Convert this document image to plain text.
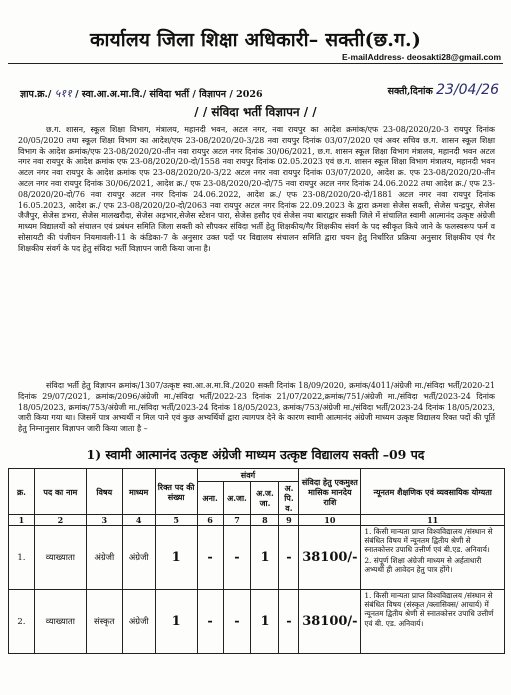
कार्यालय जिला शिक्षा अधिकारी– सक्ती(छ.ग.)
E-mailAddress- deosakti28@gmail.com
ज्ञाप.क्र./ ५११ / स्वा.आ.अ.मा.वि./ संविदा भर्ती / विज्ञापन / 2026	सक्ती,दिनांक 23/04/26
/ / संविदा भर्ती विज्ञापन / /

छ.ग. शासन, स्कूल शिक्षा विभाग, मंत्रालय, महानदी भवन, अटल नगर, नवा रायपुर का आदेश क्रमांक/एफ 23-08/2020/20-3 रायपुर दिनांक 20/05/2020 तथा स्कूल शिक्षा विभाग का आदेश/एफ 23-08/2020/20-3/28 नवा रायपुर दिनांक 03/07/2020 एवं अवर सचिव छ.ग. शासन स्कूल शिक्षा विभाग के आदेश क्रमांक/एफ 23-08/2020/20-तीन नवा रायपुर अटल नगर दिनांक 30/06/2021, छ.ग. शासन स्कूल शिक्षा विभाग मंत्रालय, महानदी भवन अटल नगर नवा रायपुर के आदेश क्रमांक एफ 23-08/2020/20-दो/1558 नवा रायपुर दिनांक 02.05.2023 एवं छ.ग. शासन स्कूल शिक्षा विभाग मंत्रालय, महानदी भवन अटल नगर नवा रायपुर के आदेश क्रमांक एफ 23-08/2020/20-3/22 अटल नगर नवा रायपुर दिनांक 03/07/2020, आदेश क्र. एफ 23-08/2020/20-तीन अटल नगर नवा रायपुर दिनांक 30/06/2021, आदेश क्र./ एफ 23-08/2020/20-दो/75 नवा रायपुर अटल नगर दिनांक 24.06.2022 तथा आदेश क्र./ एफ 23-08/2020/20-दो/76 नवा रायपुर अटल नगर दिनांक 24.06.2022, आदेश क्र./ एफ 23-08/2020/20-दो/1881 अटल नगर नवा रायपुर दिनांक 16.05.2023, आदेश क्र./ एफ 23-08/2020/20-दो/2063 नवा रायपुर अटल नगर दिनांक 22.09.2023 के द्वारा क्रमशः सेजेस सक्ती, सेजेस चन्द्रपुर, सेजेस जैजैपुर, सेजेस डभरा, सेजेस मालखरौदा, सेजेस अड़भार,सेजेस स्टेशन पारा, सेजेस हसौद एवं सेजेस नया बाराद्वार सक्ती जिले में संचालित स्वामी आत्मानंद उत्कृष्ट अंग्रेजी माध्यम विद्यालयों को संचालन एवं प्रबंधन समिति जिला सक्ती को सौपकर संविदा भर्ती हेतु शिक्षकीय/गैर शिक्षकीय संवर्ग के पद स्वीकृत किये जाने के फलस्वरूप फर्म व सोसायटी की पंजीयन नियमावली-11 के कंडिका-7 के अनुसार उक्त पदों पर विद्यालय संचालन समिति द्वारा चयन हेतु निर्धारित प्रक्रिया अनुसार शिक्षकीय एवं गैर शिक्षकीय संवर्ग के पद हेतु संविदा भर्ती विज्ञापन जारी किया जाना है।

संविदा भर्ती हेतु विज्ञापन क्रमांक/1307/उत्कृष्ट स्वा.आ.अ.मा.वि./2020 सक्ती दिनांक 18/09/2020, क्रमांक/4011/अंग्रेजी मा./संविदा भर्ती/2020-21 दिनांक 29/07/2021, क्रमांक/2096/अंग्रेजी मा./संविदा भर्ती/2022-23 दिनांक 21/07/2022,क्रमांक/751/अंग्रेजी मा./संविदा भर्ती/2023-24 दिनांक 18/05/2023, क्रमांक/753/अंग्रेजी मा./संविदा भर्ती/2023-24 दिनांक 18/05/2023, क्रमांक/753/अंग्रेजी मा./संविदा भर्ती/2023-24 दिनांक 18/05/2023, जारी किया गया था। जिसमें पात्र अभ्यर्थी न मिल पाने एवं कुछ अभ्यर्थियों द्वारा त्यागपत्र देने के कारण स्वामी आत्मानंद अंग्रेजी माध्यम उत्कृष्ट विद्यालय रिक्त पदों की पूर्ति हेतु निम्नानुसार विज्ञापन जारी किया जाता है –

1) स्वामी आत्मानंद उत्कृष्ट अंग्रेजी माध्यम उत्कृष्ट विद्यालय सक्ती –09 पद
क्र.	पद का नाम	विषय	माध्यम	रिक्त पद की संख्या	संवर्ग				संविदा हेतु एकमुश्त मासिक मानदेय राशि	न्यूनतम शैक्षणिक एवं व्यवसायिक योग्यता
					अना.	अ.जा.	अ.ज. जा.	अ. पि. व.		
1	2	3	4	5	6	7	8	9	10	11
1.	व्याख्याता	अंग्रेजी	अंग्रेजी	1	-	-	1	-	38100/-	1. किसी मान्यता प्राप्त विश्वविद्यालय /संस्थान से संबंधित विषय में न्यूनतम द्वितीय श्रेणी से स्नातकोत्तर उपाधि उत्तीर्ण एवं बी.एड. अनिवार्य।

2. संपूर्ण शिक्षा अंग्रेजी माध्यम से अर्हताधारी अभ्यर्थी ही आवेदन हेतु पात्र होंगे।

2.	व्याख्याता	संस्कृत	अंग्रेजी	1	-	-	1	-	38100/-	1. किसी मान्यता प्राप्त विश्वविद्यालय /संस्थान से संबंधित विषय (संस्कृत /क्लासिक्स/ आचार्य) में न्यूनतम द्वितीय श्रेणी से स्नातकोत्तर उपाधि उत्तीर्ण एवं बी. एड. अनिवार्य।
